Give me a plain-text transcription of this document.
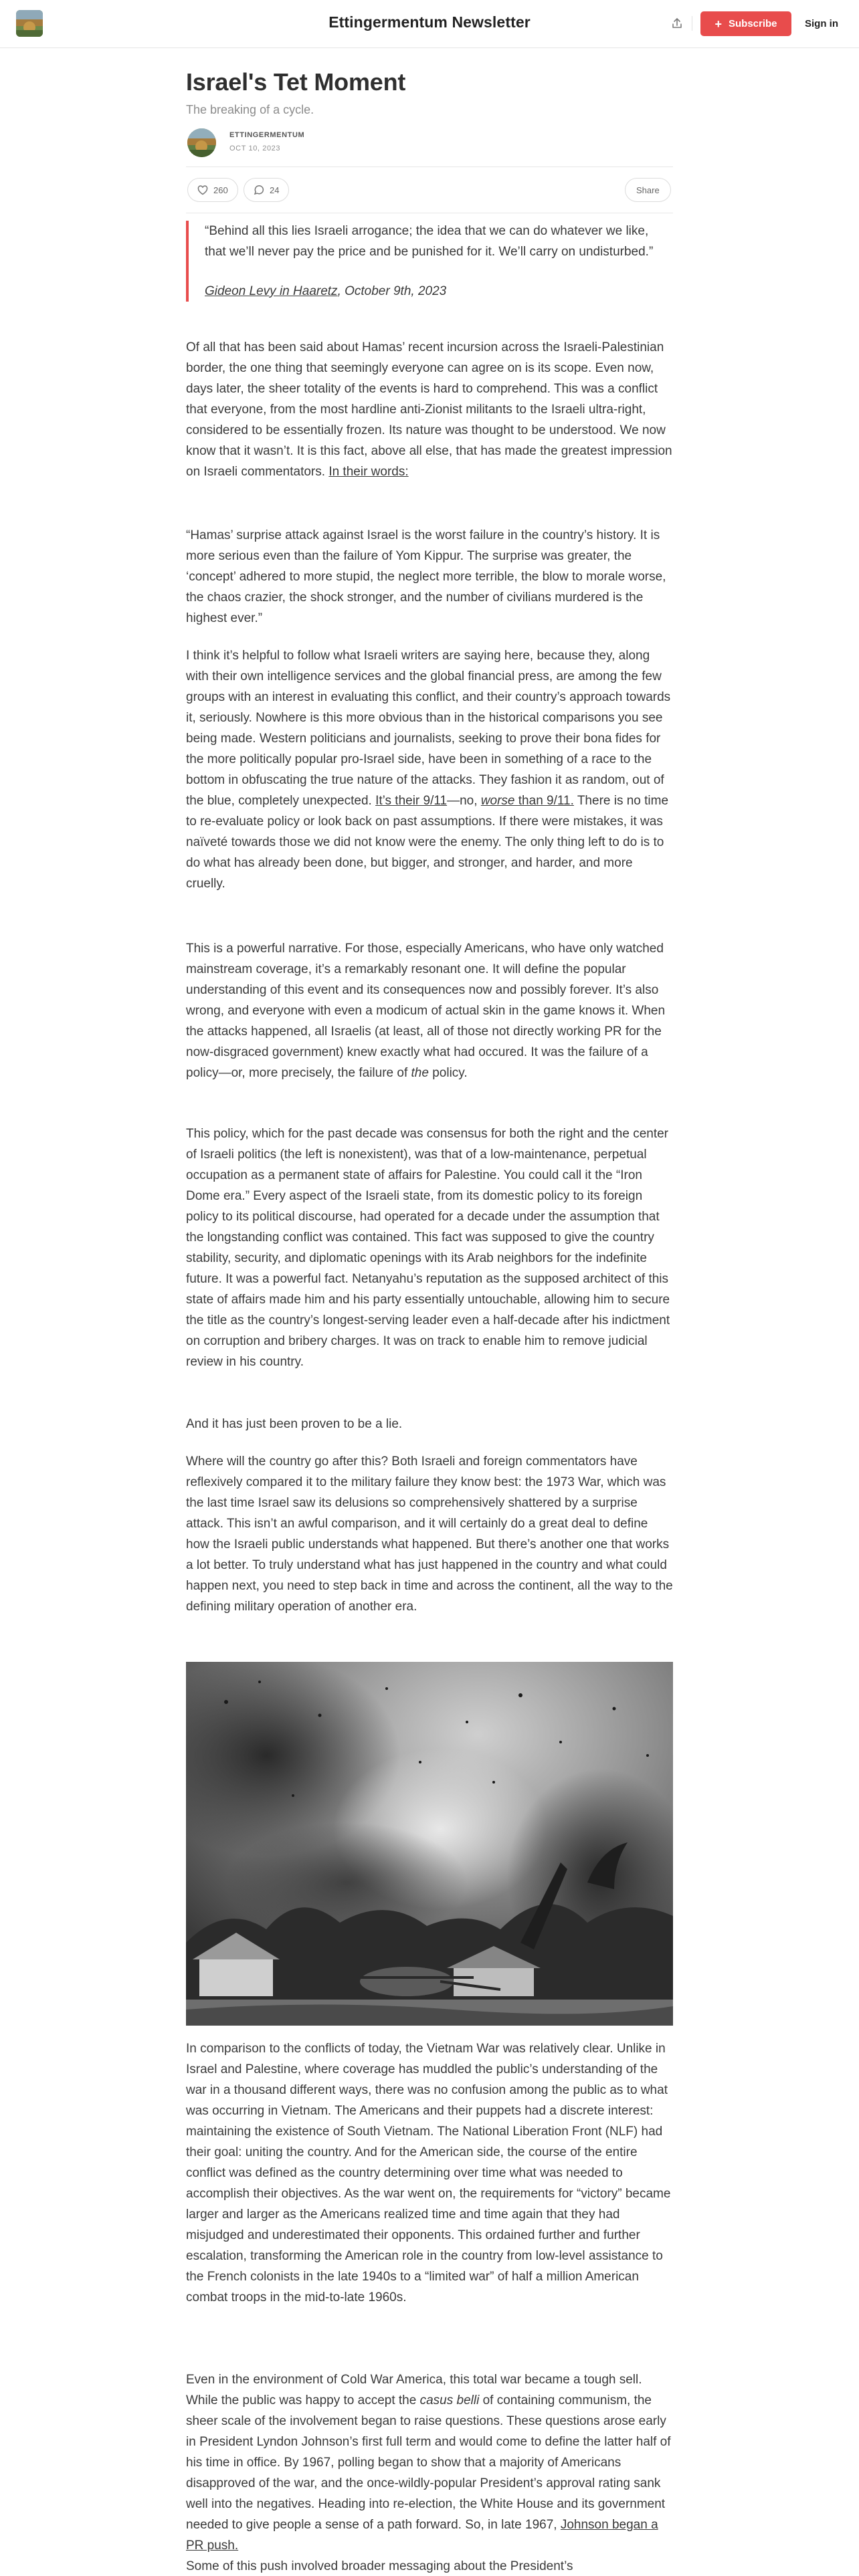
Ettingermentum Newsletter	+ Subscribe	Sign in
Israel's Tet Moment
The breaking of a cycle.
ETTINGERMENTUM
OCT 10, 2023
260	24	Share
“Behind all this lies Israeli arrogance; the idea that we can do whatever we like, that we’ll never pay the price and be punished for it. We’ll carry on undisturbed.”
Gideon Levy in Haaretz, October 9th, 2023
Of all that has been said about Hamas’ recent incursion across the Israeli-Palestinian border, the one thing that seemingly everyone can agree on is its scope. Even now, days later, the sheer totality of the events is hard to comprehend. This was a conflict that everyone, from the most hardline anti-Zionist militants to the Israeli ultra-right, considered to be essentially frozen. Its nature was thought to be understood. We now know that it wasn’t. It is this fact, above all else, that has made the greatest impression on Israeli commentators. In their words:
“Hamas’ surprise attack against Israel is the worst failure in the country’s history. It is more serious even than the failure of Yom Kippur. The surprise was greater, the ‘concept’ adhered to more stupid, the neglect more terrible, the blow to morale worse, the chaos crazier, the shock stronger, and the number of civilians murdered is the highest ever.”
I think it’s helpful to follow what Israeli writers are saying here, because they, along with their own intelligence services and the global financial press, are among the few groups with an interest in evaluating this conflict, and their country’s approach towards it, seriously. Nowhere is this more obvious than in the historical comparisons you see being made. Western politicians and journalists, seeking to prove their bona fides for the more politically popular pro-Israel side, have been in something of a race to the bottom in obfuscating the true nature of the attacks. They fashion it as random, out of the blue, completely unexpected. It’s their 9/11—no, worse than 9/11. There is no time to re-evaluate policy or look back on past assumptions. If there were mistakes, it was naïveté towards those we did not know were the enemy. The only thing left to do is to do what has already been done, but bigger, and stronger, and harder, and more cruelly.
This is a powerful narrative. For those, especially Americans, who have only watched mainstream coverage, it’s a remarkably resonant one. It will define the popular understanding of this event and its consequences now and possibly forever. It’s also wrong, and everyone with even a modicum of actual skin in the game knows it. When the attacks happened, all Israelis (at least, all of those not directly working PR for the now-disgraced government) knew exactly what had occured. It was the failure of a policy—or, more precisely, the failure of the policy.
This policy, which for the past decade was consensus for both the right and the center of Israeli politics (the left is nonexistent), was that of a low-maintenance, perpetual occupation as a permanent state of affairs for Palestine. You could call it the “Iron Dome era.” Every aspect of the Israeli state, from its domestic policy to its foreign policy to its political discourse, had operated for a decade under the assumption that the longstanding conflict was contained. This fact was supposed to give the country stability, security, and diplomatic openings with its Arab neighbors for the indefinite future. It was a powerful fact. Netanyahu’s reputation as the supposed architect of this state of affairs made him and his party essentially untouchable, allowing him to secure the title as the country’s longest-serving leader even a half-decade after his indictment on corruption and bribery charges. It was on track to enable him to remove judicial review in his country.
And it has just been proven to be a lie.
Where will the country go after this? Both Israeli and foreign commentators have reflexively compared it to the military failure they know best: the 1973 War, which was the last time Israel saw its delusions so comprehensively shattered by a surprise attack. This isn’t an awful comparison, and it will certainly do a great deal to define how the Israeli public understands what happened. But there’s another one that works a lot better. To truly understand what has just happened in the country and what could happen next, you need to step back in time and across the continent, all the way to the defining military operation of another era.
In comparison to the conflicts of today, the Vietnam War was relatively clear. Unlike in Israel and Palestine, where coverage has muddled the public’s understanding of the war in a thousand different ways, there was no confusion among the public as to what was occurring in Vietnam. The Americans and their puppets had a discrete interest: maintaining the existence of South Vietnam. The National Liberation Front (NLF) had their goal: uniting the country. And for the American side, the course of the entire conflict was defined as the country determining over time what was needed to accomplish their objectives. As the war went on, the requirements for “victory” became larger and larger as the Americans realized time and time again that they had misjudged and underestimated their opponents. This ordained further and further escalation, transforming the American role in the country from low-level assistance to the French colonists in the late 1940s to a “limited war” of half a million American combat troops in the mid-to-late 1960s.
Even in the environment of Cold War America, this total war became a tough sell. While the public was happy to accept the casus belli of containing communism, the sheer scale of the involvement began to raise questions. These questions arose early in President Lyndon Johnson’s first full term and would come to define the latter half of his time in office. By 1967, polling began to show that a majority of Americans disapproved of the war, and the once-wildly-popular President’s approval rating sank well into the negatives. Heading into re-election, the White House and its government needed to give people a sense of a path forward. So, in late 1967, Johnson began a PR push.
Some of this push involved broader messaging about the President’s
